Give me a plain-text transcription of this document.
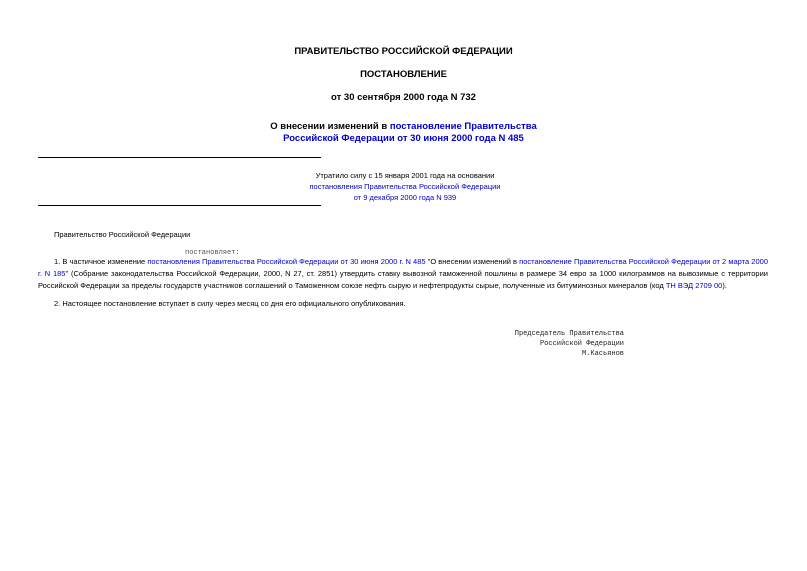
ПРАВИТЕЛЬСТВО РОССИЙСКОЙ ФЕДЕРАЦИИ
ПОСТАНОВЛЕНИЕ
от 30 сентября 2000 года N 732
О внесении изменений в постановление Правительства
Российской Федерации от 30 июня 2000 года N 485
Утратило силу с 15 января 2001 года на основании
постановления Правительства Российской Федерации
от 9 декабря 2000 года N 939
Правительство Российской Федерации
постановляет:
1. В частичное изменение постановления Правительства Российской Федерации от 30 июня 2000 г. N 485 "О внесении изменений в постановление Правительства Российской Федерации от 2 марта 2000 г. N 185" (Собрание законодательства Российской Федерации, 2000, N 27, ст. 2851) утвердить ставку вывозной таможенной пошлины в размере 34 евро за 1000 килограммов на вывозимые с территории Российской Федерации за пределы государств участников соглашений о Таможенном союзе нефть сырую и нефтепродукты сырые, полученные из битуминозных минералов (код ТН ВЭД 2709 00).
2. Настоящее постановление вступает в силу через месяц со дня его официального опубликования.
Председатель Правительства
Российской Федерации
М.Касьянов
